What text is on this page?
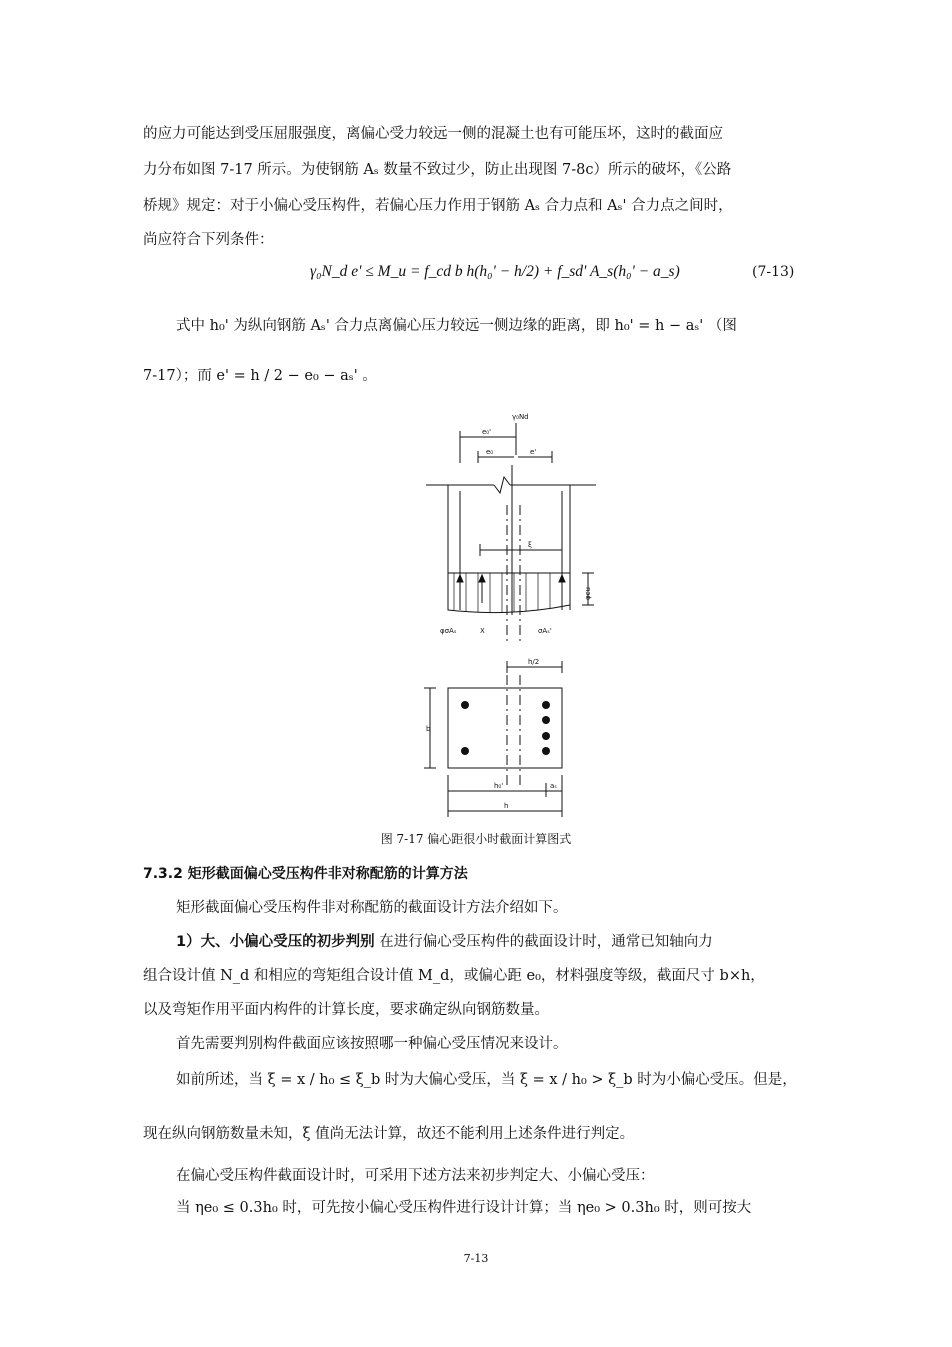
的应力可能达到受压屈服强度，离偏心受力较远一侧的混凝土也有可能压坏，这时的截面应
力分布如图 7-17 所示。为使钢筋 Aₛ 数量不致过少，防止出现图 7-8c）所示的破坏，《公路
桥规》规定：对于小偏心受压构件，若偏心压力作用于钢筋 Aₛ 合力点和 Aₛ' 合力点之间时，
尚应符合下列条件：
γ₀N_d e' ≤ M_u = f_cd b h(h₀' − h/2) + f_sd' A_s(h₀' − a_s)	(7-13)
式中 h₀' 为纵向钢筋 Aₛ' 合力点离偏心压力较远一侧边缘的距离，即 h₀' = h − aₛ' （图
7-17）；而 e' = h / 2 − e₀ − aₛ' 。
γ₀Nd
e₀'
e₀	e'
ξ
φcu
φσAₛ	X	σAₛ'
h/2
b
h₀'	aₛ
h
图 7-17 偏心距很小时截面计算图式
7.3.2 矩形截面偏心受压构件非对称配筋的计算方法
矩形截面偏心受压构件非对称配筋的截面设计方法介绍如下。
1）大、小偏心受压的初步判别 在进行偏心受压构件的截面设计时，通常已知轴向力
组合设计值 N_d 和相应的弯矩组合设计值 M_d，或偏心距 e₀，材料强度等级，截面尺寸 b×h，
以及弯矩作用平面内构件的计算长度，要求确定纵向钢筋数量。
首先需要判别构件截面应该按照哪一种偏心受压情况来设计。
如前所述，当 ξ = x / h₀ ≤ ξ_b 时为大偏心受压，当 ξ = x / h₀ > ξ_b 时为小偏心受压。但是，
现在纵向钢筋数量未知，ξ 值尚无法计算，故还不能利用上述条件进行判定。
在偏心受压构件截面设计时，可采用下述方法来初步判定大、小偏心受压：
当 ηe₀ ≤ 0.3h₀ 时，可先按小偏心受压构件进行设计计算；当 ηe₀ > 0.3h₀ 时，则可按大
7-13
